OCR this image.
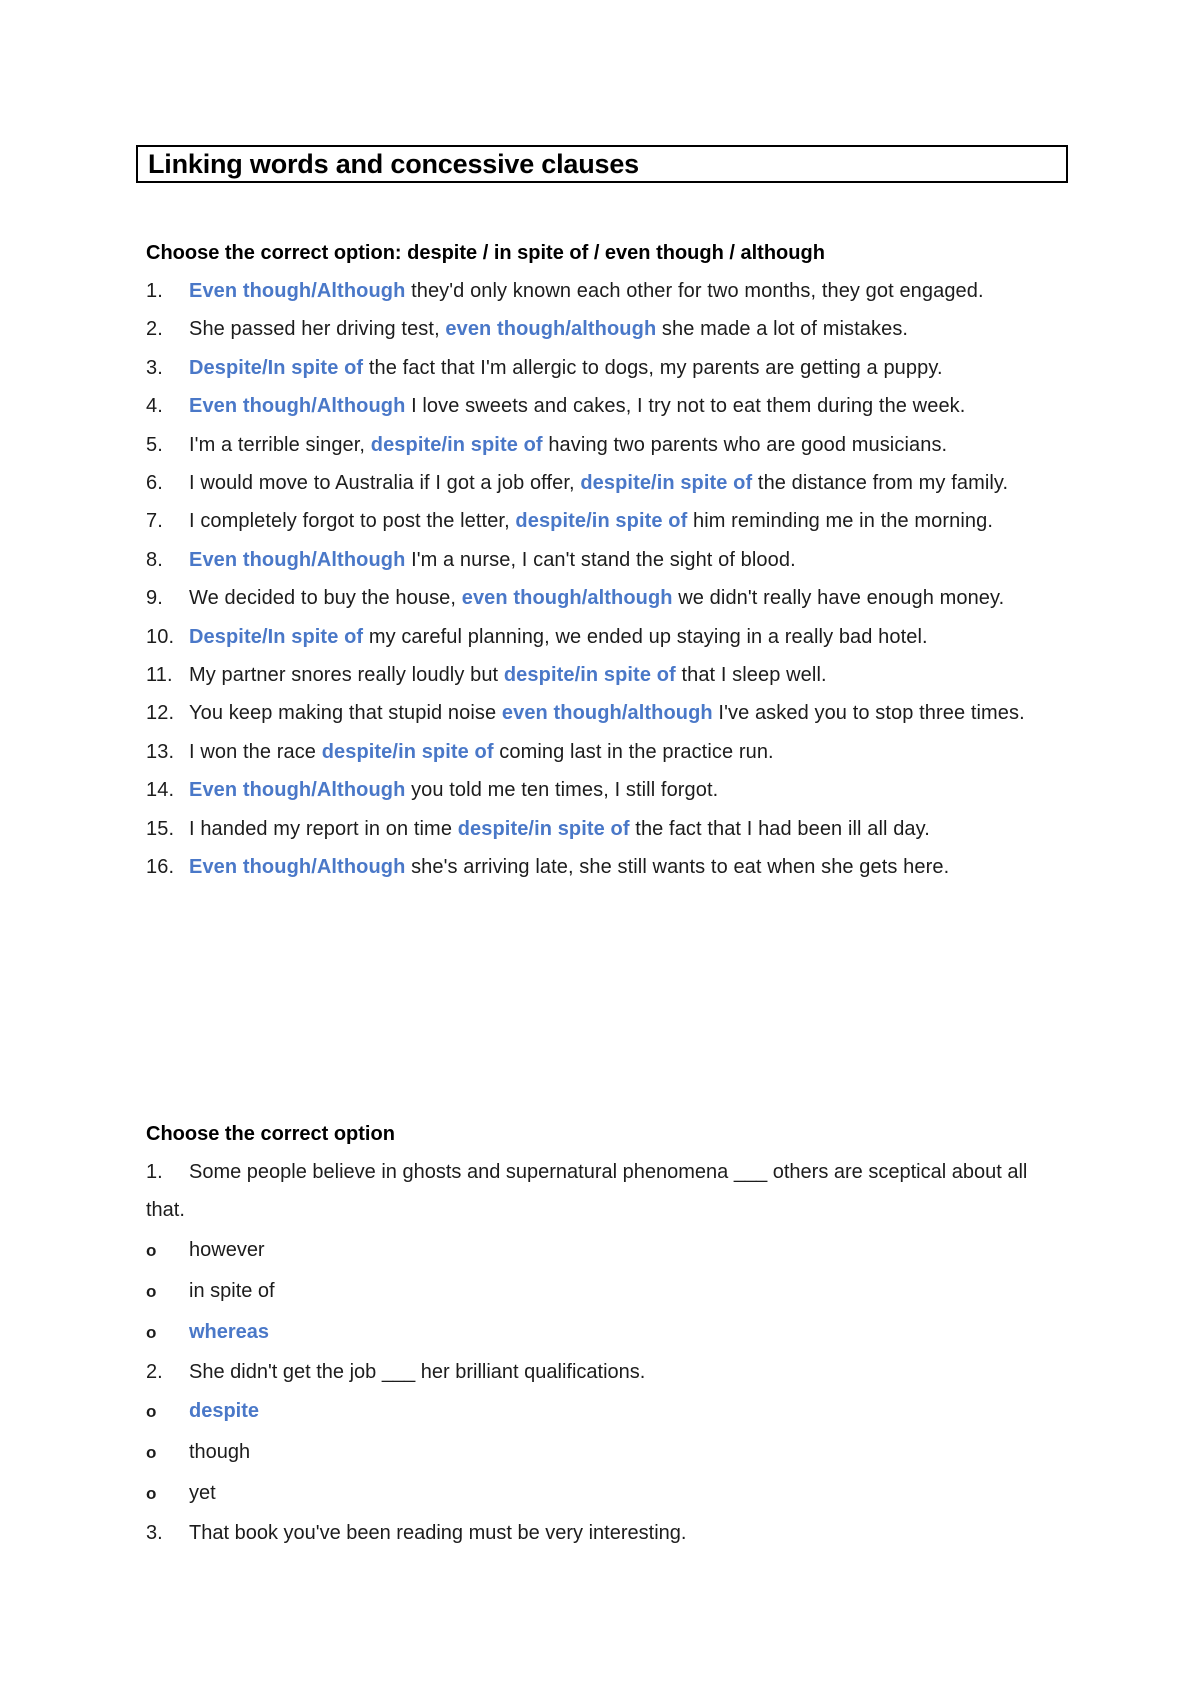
Linking words and concessive clauses
Choose the correct option: despite / in spite of / even though / although
1.	Even though/Although they'd only known each other for two months, they got engaged.
2.	She passed her driving test, even though/although she made a lot of mistakes.
3.	Despite/In spite of the fact that I'm allergic to dogs, my parents are getting a puppy.
4.	Even though/Although I love sweets and cakes, I try not to eat them during the week.
5.	I'm a terrible singer, despite/in spite of having two parents who are good musicians.
6.	I would move to Australia if I got a job offer, despite/in spite of the distance from my family.
7.	I completely forgot to post the letter, despite/in spite of him reminding me in the morning.
8.	Even though/Although I'm a nurse, I can't stand the sight of blood.
9.	We decided to buy the house, even though/although we didn't really have enough money.
10. Despite/In spite of my careful planning, we ended up staying in a really bad hotel.
11. My partner snores really loudly but despite/in spite of that I sleep well.
12. You keep making that stupid noise even though/although I've asked you to stop three times.
13. I won the race despite/in spite of coming last in the practice run.
14. Even though/Although you told me ten times, I still forgot.
15. I handed my report in on time despite/in spite of the fact that I had been ill all day.
16. Even though/Although she's arriving late, she still wants to eat when she gets here.
Choose the correct option
1. Some people believe in ghosts and supernatural phenomena ___ others are sceptical about all that.
o	however
o	in spite of
o	whereas
2. She didn't get the job ___ her brilliant qualifications.
o	despite
o	though
o	yet
3. That book you've been reading must be very interesting.
